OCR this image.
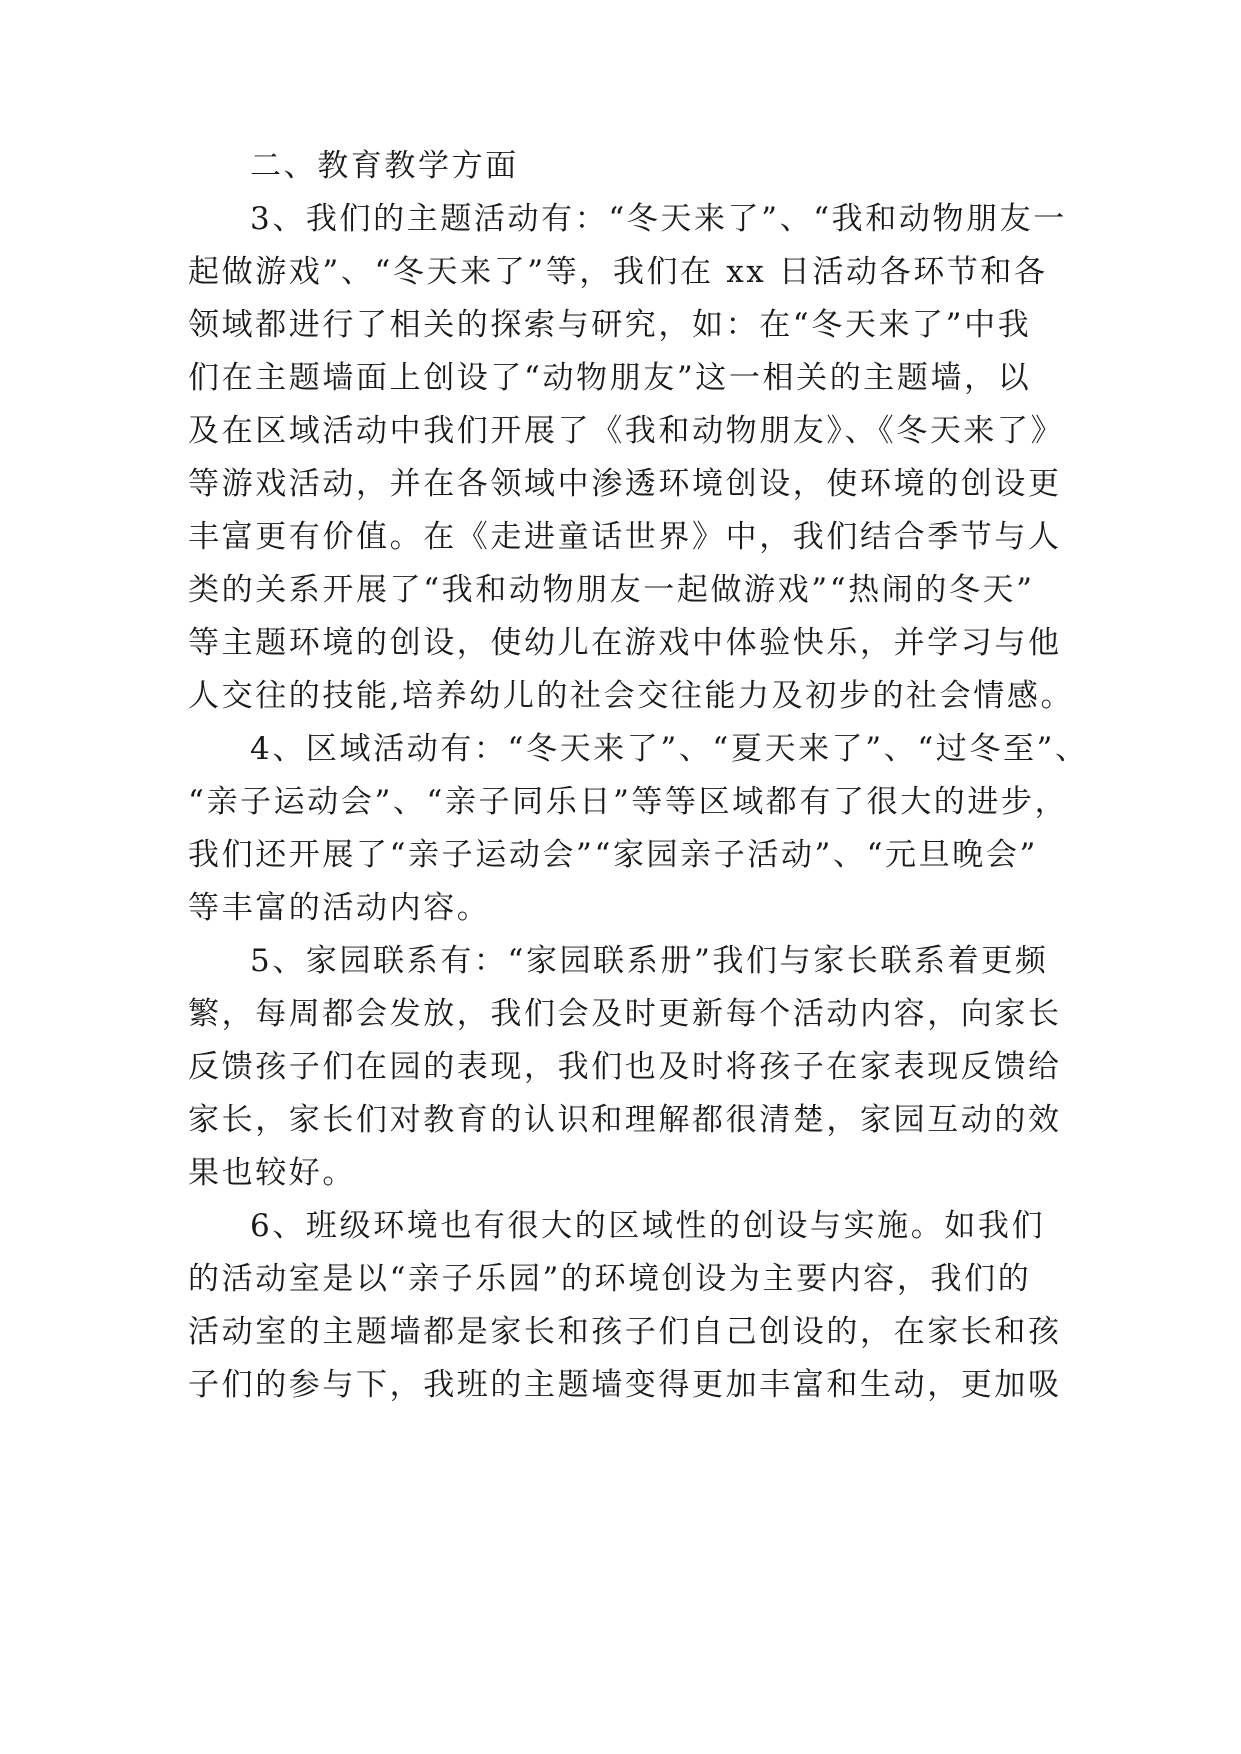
二、教育教学方面
3、我们的主题活动有：“冬天来了”、“我和动物朋友一
起做游戏”、“冬天来了”等，我们在 xx 日活动各环节和各
领域都进行了相关的探索与研究，如：在“冬天来了”中我
们在主题墙面上创设了“动物朋友”这一相关的主题墙，以
及在区域活动中我们开展了《我和动物朋友》、《冬天来了》
等游戏活动，并在各领域中渗透环境创设，使环境的创设更
丰富更有价值。在《走进童话世界》中，我们结合季节与人
类的关系开展了“我和动物朋友一起做游戏”“热闹的冬天”
等主题环境的创设，使幼儿在游戏中体验快乐，并学习与他
人交往的技能,培养幼儿的社会交往能力及初步的社会情感。
4、区域活动有：“冬天来了”、“夏天来了”、“过冬至”、
“亲子运动会”、“亲子同乐日”等等区域都有了很大的进步，
我们还开展了“亲子运动会”“家园亲子活动”、“元旦晚会”
等丰富的活动内容。
5、家园联系有：“家园联系册”我们与家长联系着更频
繁，每周都会发放，我们会及时更新每个活动内容，向家长
反馈孩子们在园的表现，我们也及时将孩子在家表现反馈给
家长，家长们对教育的认识和理解都很清楚，家园互动的效
果也较好。
6、班级环境也有很大的区域性的创设与实施。如我们
的活动室是以“亲子乐园”的环境创设为主要内容，我们的
活动室的主题墙都是家长和孩子们自己创设的，在家长和孩
子们的参与下，我班的主题墙变得更加丰富和生动，更加吸
